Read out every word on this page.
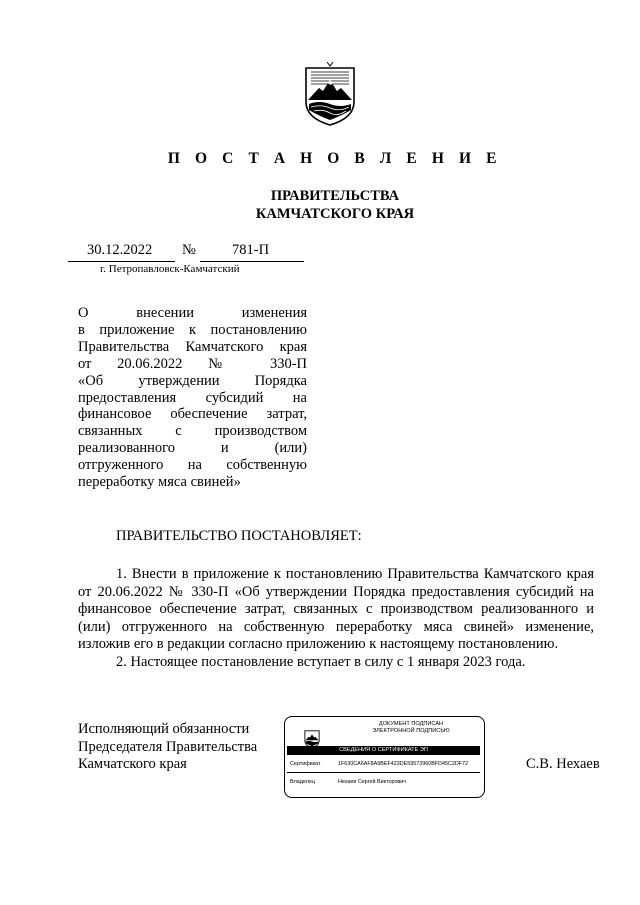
П О С Т А Н О В Л Е Н И Е
ПРАВИТЕЛЬСТВА
КАМЧАТСКОГО КРАЯ
30.12.2022 № 781-П
г. Петропавловск-Камчатский
О внесении изменения
в приложение к постановлению
Правительства Камчатского края
от 20.06.2022 № 330-П
«Об утверждении Порядка
предоставления субсидий на
финансовое обеспечение затрат,
связанных с производством
реализованного и (или)
отгруженного на собственную
переработку мяса свиней»
ПРАВИТЕЛЬСТВО ПОСТАНОВЛЯЕТ:

1. Внести в приложение к постановлению Правительства Камчатского края от 20.06.2022 № 330-П «Об утверждении Порядка предоставления субсидий на финансовое обеспечение затрат, связанных с производством реализованного и (или) отгруженного на собственную переработку мяса свиней» изменение, изложив его в редакции согласно приложению к настоящему постановлению.

2. Настоящее постановление вступает в силу с 1 января 2023 года.

Исполняющий обязанности
Председателя Правительства
Камчатского края
ДОКУМЕНТ ПОДПИСАН
ЭЛЕКТРОННОЙ ПОДПИСЬЮ
СВЕДЕНИЯ О СЕРТИФИКАТЕ ЭП
Сертификат	1F630CA6AF8A9BEF423DE59573960BFD45C2DF72
Владелец	Нехаев Сергей Викторович
С.В. Нехаев
